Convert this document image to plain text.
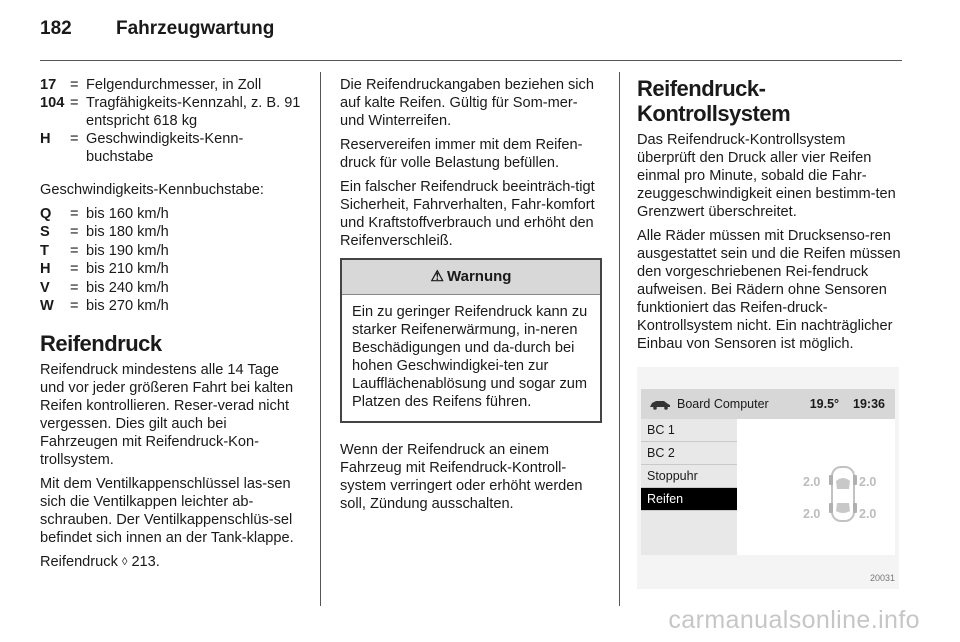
182 Fahrzeugwartung
17 = Felgendurchmesser, in Zoll
104 = Tragfähigkeits-Kennzahl, z. B. 91 entspricht 618 kg
H	= Geschwindigkeits-Kenn-buchstabe

Geschwindigkeits-Kennbuchstabe:

Q	= bis 160 km/h
S	= bis 180 km/h
T	= bis 190 km/h
H	= bis 210 km/h
V	= bis 240 km/h
W	= bis 270 km/h
Reifendruck

Reifendruck mindestens alle 14 Tage und vor jeder größeren Fahrt bei kalten Reifen kontrollieren. Reser-verad nicht vergessen. Dies gilt auch bei Fahrzeugen mit Reifendruck-Kon-trollsystem.

Mit dem Ventilkappenschlüssel las-sen sich die Ventilkappen leichter ab-schrauben. Der Ventilkappenschlüs-sel befindet sich innen an der Tank-klappe.

Reifendruck ◊ 213.

Die Reifendruckangaben beziehen sich auf kalte Reifen. Gültig für Som-mer- und Winterreifen.

Reservereifen immer mit dem Reifen-druck für volle Belastung befüllen.

Ein falscher Reifendruck beeinträch-tigt Sicherheit, Fahrverhalten, Fahr-komfort und Kraftstoffverbrauch und erhöht den Reifenverschleiß.

⚠ Warnung
Ein zu geringer Reifendruck kann zu starker Reifenerwärmung, in-neren Beschädigungen und da-durch bei hohen Geschwindigkei-ten zur Laufflächenablösung und sogar zum Platzen des Reifens führen.

Wenn der Reifendruck an einem Fahrzeug mit Reifendruck-Kontroll-system verringert oder erhöht werden soll, Zündung ausschalten.

Reifendruck-Kontrollsystem

Das Reifendruck-Kontrollsystem überprüft den Druck aller vier Reifen einmal pro Minute, sobald die Fahr-zeuggeschwindigkeit einen bestimm-ten Grenzwert überschreitet.

Alle Räder müssen mit Drucksenso-ren ausgestattet sein und die Reifen müssen den vorgeschriebenen Rei-fendruck aufweisen. Bei Rädern ohne Sensoren funktioniert das Reifen-druck-Kontrollsystem nicht. Ein nachträglicher Einbau von Sensoren ist möglich.

Board Computer	19.5° 19:36
BC 1
BC 2
Stoppuhr
Reifen
2.0	2.0
2.0	2.0
20031
carmanualsonline.info
